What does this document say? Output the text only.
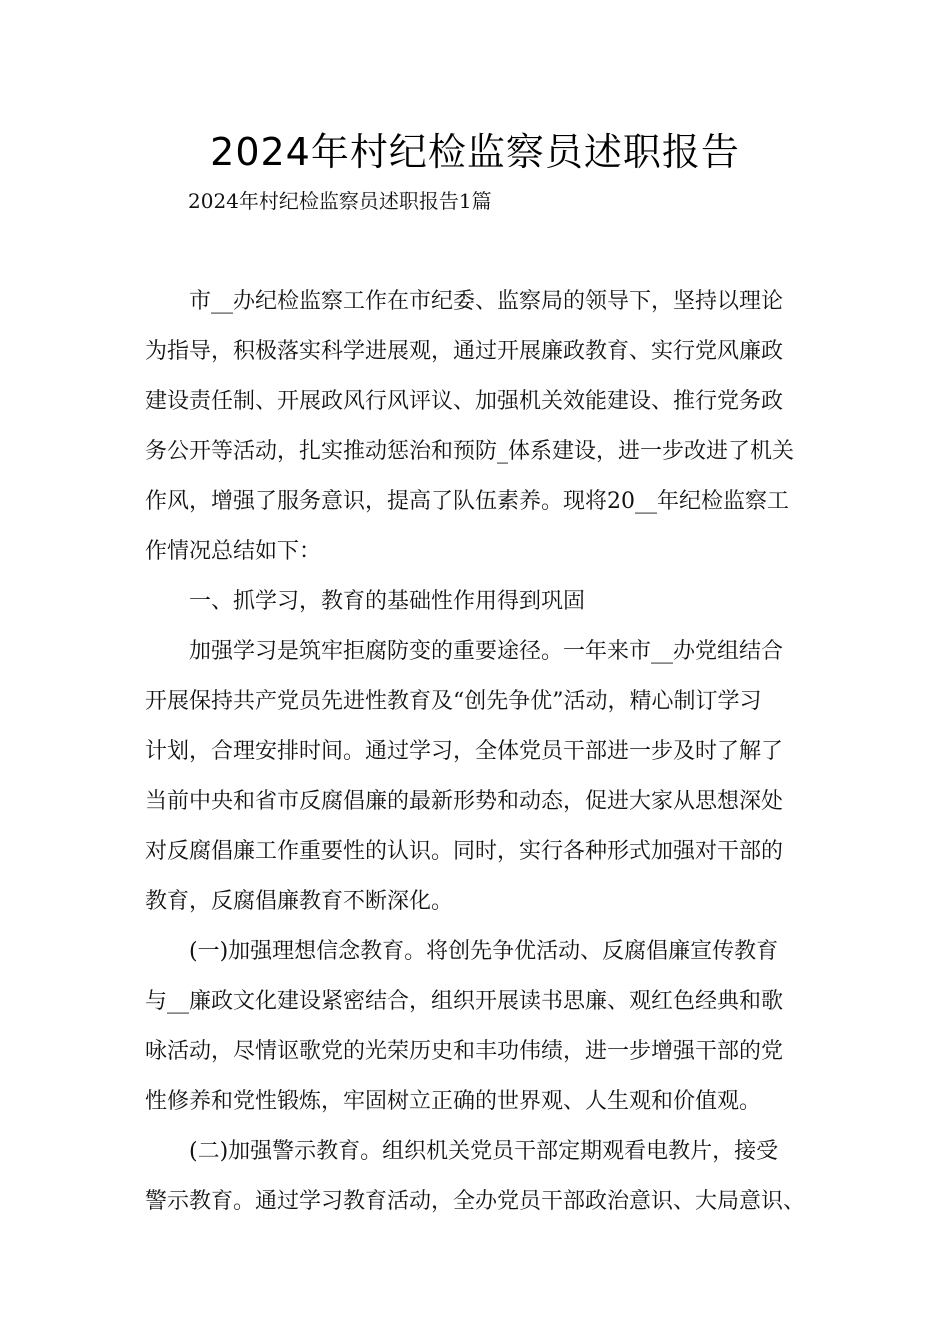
2024年村纪检监察员述职报告
2024年村纪检监察员述职报告1篇
市__办纪检监察工作在市纪委、监察局的领导下，坚持以理论
为指导，积极落实科学进展观，通过开展廉政教育、实行党风廉政
建设责任制、开展政风行风评议、加强机关效能建设、推行党务政
务公开等活动，扎实推动惩治和预防_体系建设，进一步改进了机关
作风，增强了服务意识，提高了队伍素养。现将20__年纪检监察工
作情况总结如下：
一、抓学习，教育的基础性作用得到巩固
加强学习是筑牢拒腐防变的重要途径。一年来市__办党组结合
开展保持共产党员先进性教育及“创先争优”活动，精心制订学习
计划，合理安排时间。通过学习，全体党员干部进一步及时了解了
当前中央和省市反腐倡廉的最新形势和动态，促进大家从思想深处
对反腐倡廉工作重要性的认识。同时，实行各种形式加强对干部的
教育，反腐倡廉教育不断深化。
(一)加强理想信念教育。将创先争优活动、反腐倡廉宣传教育
与__廉政文化建设紧密结合，组织开展读书思廉、观红色经典和歌
咏活动，尽情讴歌党的光荣历史和丰功伟绩，进一步增强干部的党
性修养和党性锻炼，牢固树立正确的世界观、人生观和价值观。
(二)加强警示教育。组织机关党员干部定期观看电教片，接受
警示教育。通过学习教育活动，全办党员干部政治意识、大局意识、
